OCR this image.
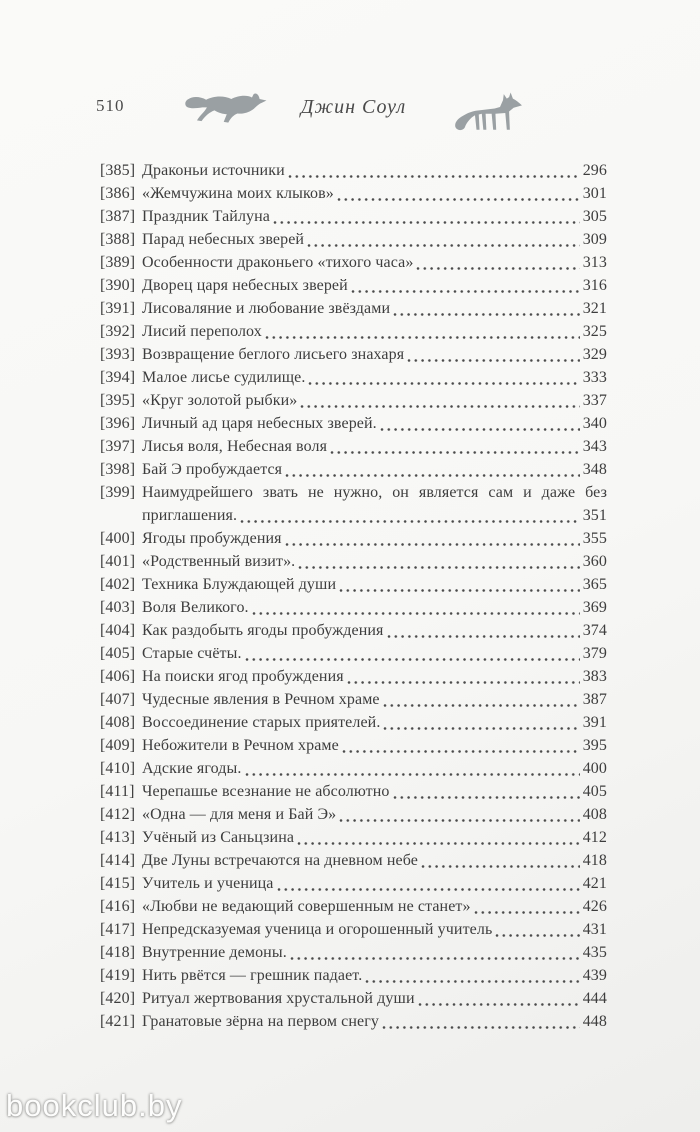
510	Джин Соул
[385] Драконьи источники	296
[386] «Жемчужина моих клыков»	301
[387] Праздник Тайлуна	305
[388] Парад небесных зверей	309
[389] Особенности драконьего «тихого часа»	313
[390] Дворец царя небесных зверей	316
[391] Лисоваляние и любование звёздами	321
[392] Лисий переполох	325
[393] Возвращение беглого лисьего знахаря	329
[394] Малое лисье судилище.	333
[395] «Круг золотой рыбки»	337
[396] Личный ад царя небесных зверей.	340
[397] Лисья воля, Небесная воля	343
[398] Бай Э пробуждается	348
[399] Наимудрейшего звать не нужно, он является сам и даже без
приглашения.	351
[400] Ягоды пробуждения	355
[401] «Родственный визит».	360
[402] Техника Блуждающей души	365
[403] Воля Великого.	369
[404] Как раздобыть ягоды пробуждения	374
[405] Старые счёты.	379
[406] На поиски ягод пробуждения	383
[407] Чудесные явления в Речном храме	387
[408] Воссоединение старых приятелей.	391
[409] Небожители в Речном храме	395
[410] Адские ягоды.	400
[411] Черепашье всезнание не абсолютно	405
[412] «Одна — для меня и Бай Э»	408
[413] Учёный из Саньцзина	412
[414] Две Луны встречаются на дневном небе	418
[415] Учитель и ученица	421
[416] «Любви не ведающий совершенным не станет»	426
[417] Непредсказуемая ученица и огорошенный учитель	431
[418] Внутренние демоны.	435
[419] Нить рвётся — грешник падает.	439
[420] Ритуал жертвования хрустальной души	444
[421] Гранатовые зёрна на первом снегу	448
bookclub.by
